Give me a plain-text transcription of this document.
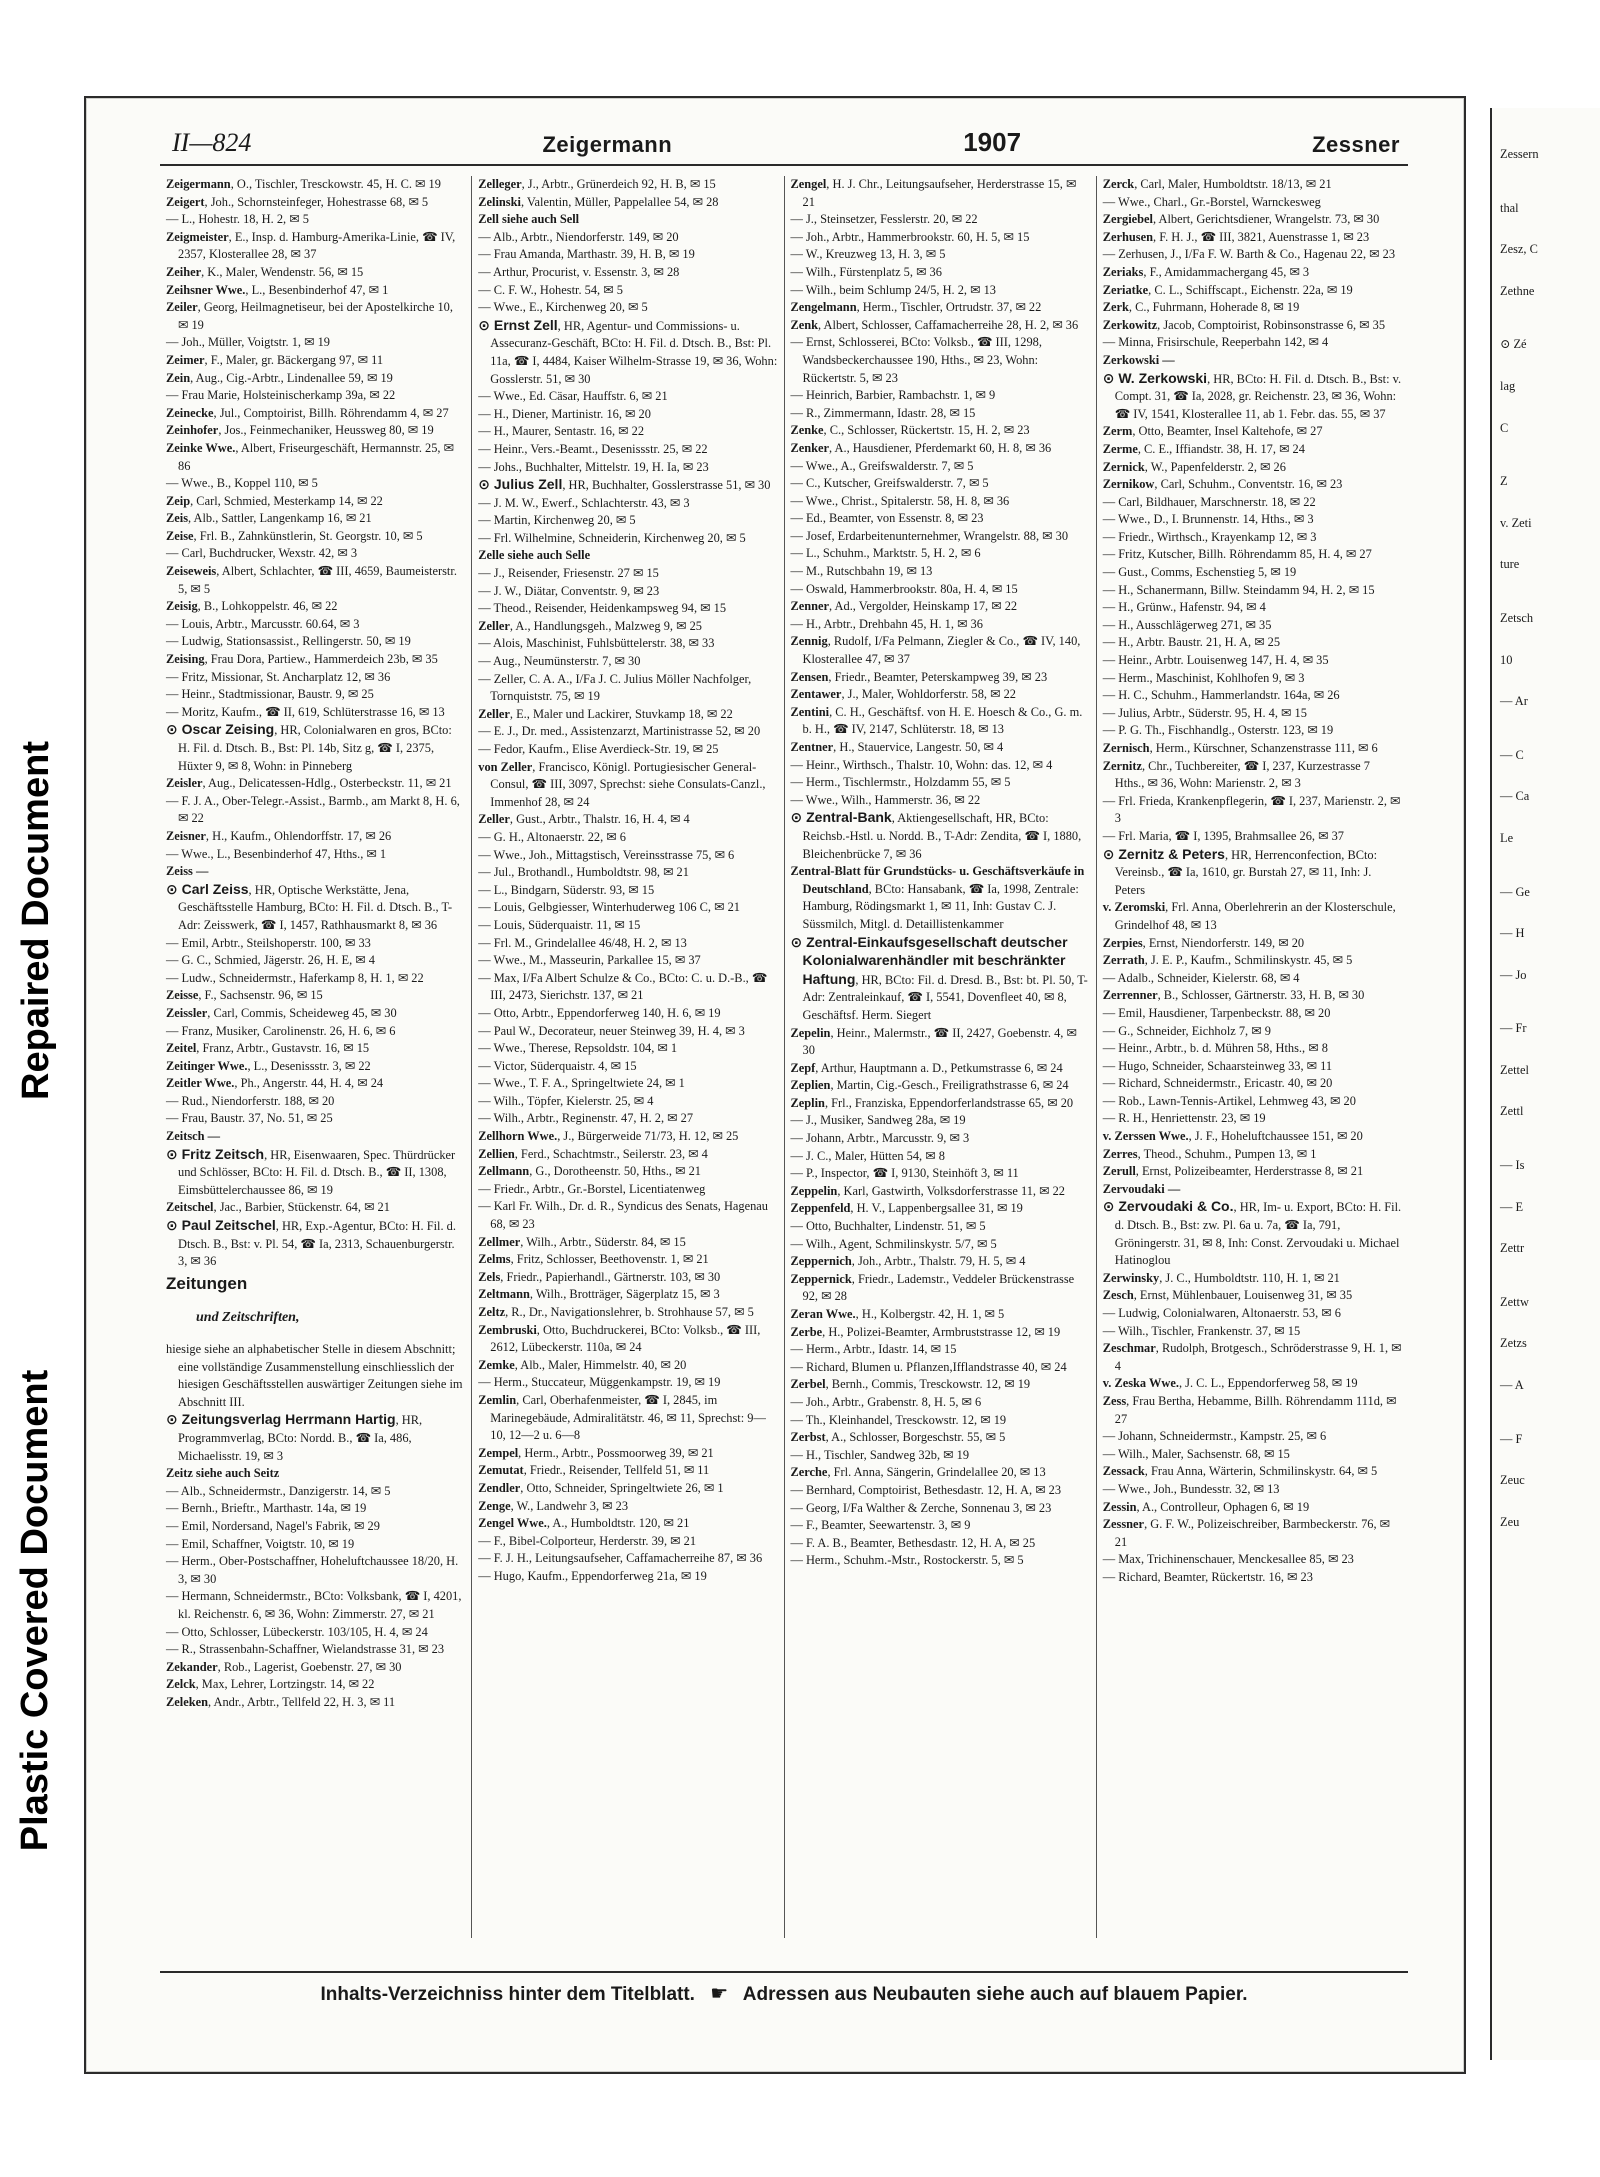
Repaired Document
Plastic Covered Document
II—824	Zeigermann	1907	Zessner

Zeigermann, O., Tischler, Tresckowstr. 45, H. C. ✉ 19

Zeigert, Joh., Schornsteinfeger, Hohestrasse 68, ✉ 5

— L., Hohestr. 18, H. 2, ✉ 5

Zeigmeister, E., Insp. d. Hamburg-Amerika-Linie, ☎ IV, 2357, Klosterallee 28, ✉ 37

Zeiher, K., Maler, Wendenstr. 56, ✉ 15

Zeihsner Wwe., L., Besenbinderhof 47, ✉ 1

Zeiler, Georg, Heilmagnetiseur, bei der Apostelkirche 10, ✉ 19

— Joh., Müller, Voigtstr. 1, ✉ 19

Zeimer, F., Maler, gr. Bäckergang 97, ✉ 11

Zein, Aug., Cig.-Arbtr., Lindenallee 59, ✉ 19

— Frau Marie, Holsteinischerkamp 39a, ✉ 22

Zeinecke, Jul., Comptoirist, Billh. Röhrendamm 4, ✉ 27

Zeinhofer, Jos., Feinmechaniker, Heussweg 80, ✉ 19

Zeinke Wwe., Albert, Friseurgeschäft, Hermannstr. 25, ✉ 86

— Wwe., B., Koppel 110, ✉ 5

Zeip, Carl, Schmied, Mesterkamp 14, ✉ 22

Zeis, Alb., Sattler, Langenkamp 16, ✉ 21

Zeise, Frl. B., Zahnkünstlerin, St. Georgstr. 10, ✉ 5

— Carl, Buchdrucker, Wexstr. 42, ✉ 3

Zeiseweis, Albert, Schlachter, ☎ III, 4659, Baumeisterstr. 5, ✉ 5

Zeisig, B., Lohkoppelstr. 46, ✉ 22

— Louis, Arbtr., Marcusstr. 60.64, ✉ 3

— Ludwig, Stationsassist., Rellingerstr. 50, ✉ 19

Zeising, Frau Dora, Partiew., Hammerdeich 23b, ✉ 35

— Fritz, Missionar, St. Ancharplatz 12, ✉ 36

— Heinr., Stadtmissionar, Baustr. 9, ✉ 25

— Moritz, Kaufm., ☎ II, 619, Schlüterstrasse 16, ✉ 13

⊙ Oscar Zeising, HR, Colonialwaren en gros, BCto: H. Fil. d. Dtsch. B., Bst: Pl. 14b, Sitz g, ☎ I, 2375, Hüxter 9, ✉ 8, Wohn: in Pinneberg

Zeisler, Aug., Delicatessen-Hdlg., Osterbeckstr. 11, ✉ 21

— F. J. A., Ober-Telegr.-Assist., Barmb., am Markt 8, H. 6, ✉ 22

Zeisner, H., Kaufm., Ohlendorffstr. 17, ✉ 26

— Wwe., L., Besenbinderhof 47, Hths., ✉ 1

Zeiss —

⊙ Carl Zeiss, HR, Optische Werkstätte, Jena, Geschäftsstelle Hamburg, BCto: H. Fil. d. Dtsch. B., T-Adr: Zeisswerk, ☎ I, 1457, Rathhausmarkt 8, ✉ 36

— Emil, Arbtr., Steilshoperstr. 100, ✉ 33

— G. C., Schmied, Jägerstr. 26, H. E, ✉ 4

— Ludw., Schneidermstr., Haferkamp 8, H. 1, ✉ 22

Zeisse, F., Sachsenstr. 96, ✉ 15

Zeissler, Carl, Commis, Scheideweg 45, ✉ 30

— Franz, Musiker, Carolinenstr. 26, H. 6, ✉ 6

Zeitel, Franz, Arbtr., Gustavstr. 16, ✉ 15

Zeitinger Wwe., L., Desenissstr. 3, ✉ 22

Zeitler Wwe., Ph., Angerstr. 44, H. 4, ✉ 24

— Rud., Niendorferstr. 188, ✉ 20

— Frau, Baustr. 37, No. 51, ✉ 25

Zeitsch —

⊙ Fritz Zeitsch, HR, Eisenwaaren, Spec. Thürdrücker und Schlösser, BCto: H. Fil. d. Dtsch. B., ☎ II, 1308, Eimsbüttelerchaussee 86, ✉ 19

Zeitschel, Jac., Barbier, Stückenstr. 64, ✉ 21

⊙ Paul Zeitschel, HR, Exp.-Agentur, BCto: H. Fil. d. Dtsch. B., Bst: v. Pl. 54, ☎ Ia, 2313, Schauenburgerstr. 3, ✉ 36

Zeitungen

und Zeitschriften,

hiesige siehe an alphabetischer Stelle in diesem Abschnitt; eine vollständige Zusammenstellung einschliesslich der hiesigen Geschäftsstellen auswärtiger Zeitungen siehe im Abschnitt III.

⊙ Zeitungsverlag Herrmann Hartig, HR, Programmverlag, BCto: Nordd. B., ☎ Ia, 486, Michaelisstr. 19, ✉ 3

Zeitz siehe auch Seitz

— Alb., Schneidermstr., Danzigerstr. 14, ✉ 5

— Bernh., Brieftr., Marthastr. 14a, ✉ 19

— Emil, Nordersand, Nagel's Fabrik, ✉ 29

— Emil, Schaffner, Voigtstr. 10, ✉ 19

— Herm., Ober-Postschaffner, Hoheluftchaussee 18/20, H. 3, ✉ 30

— Hermann, Schneidermstr., BCto: Volksbank, ☎ I, 4201, kl. Reichenstr. 6, ✉ 36, Wohn: Zimmerstr. 27, ✉ 21

— Otto, Schlosser, Lübeckerstr. 103/105, H. 4, ✉ 24

— R., Strassenbahn-Schaffner, Wielandstrasse 31, ✉ 23

Zekander, Rob., Lagerist, Goebenstr. 27, ✉ 30

Zelck, Max, Lehrer, Lortzingstr. 14, ✉ 22

Zeleken, Andr., Arbtr., Tellfeld 22, H. 3, ✉ 11

Zelleger, J., Arbtr., Grünerdeich 92, H. B, ✉ 15

Zelinski, Valentin, Müller, Pappelallee 54, ✉ 28

Zell siehe auch Sell

— Alb., Arbtr., Niendorferstr. 149, ✉ 20

— Frau Amanda, Marthastr. 39, H. B, ✉ 19

— Arthur, Procurist, v. Essenstr. 3, ✉ 28

— C. F. W., Hohestr. 54, ✉ 5

— Wwe., E., Kirchenweg 20, ✉ 5

⊙ Ernst Zell, HR, Agentur- und Commissions- u. Assecuranz-Geschäft, BCto: H. Fil. d. Dtsch. B., Bst: Pl. 11a, ☎ I, 4484, Kaiser Wilhelm-Strasse 19, ✉ 36, Wohn: Gosslerstr. 51, ✉ 30

— Wwe., Ed. Cäsar, Hauffstr. 6, ✉ 21

— H., Diener, Martinistr. 16, ✉ 20

— H., Maurer, Sentastr. 16, ✉ 22

— Heinr., Vers.-Beamt., Desenissstr. 25, ✉ 22

— Johs., Buchhalter, Mittelstr. 19, H. Ia, ✉ 23

⊙ Julius Zell, HR, Buchhalter, Gosslerstrasse 51, ✉ 30

— J. M. W., Ewerf., Schlachterstr. 43, ✉ 3

— Martin, Kirchenweg 20, ✉ 5

— Frl. Wilhelmine, Schneiderin, Kirchenweg 20, ✉ 5

Zelle siehe auch Selle

— J., Reisender, Friesenstr. 27 ✉ 15

— J. W., Diätar, Conventstr. 9, ✉ 23

— Theod., Reisender, Heidenkampsweg 94, ✉ 15

Zeller, A., Handlungsgeh., Malzweg 9, ✉ 25

— Alois, Maschinist, Fuhlsbüttelerstr. 38, ✉ 33

— Aug., Neumünsterstr. 7, ✉ 30

— Zeller, C. A. A., I/Fa J. C. Julius Möller Nachfolger, Tornquiststr. 75, ✉ 19

Zeller, E., Maler und Lackirer, Stuvkamp 18, ✉ 22

— E. J., Dr. med., Assistenzarzt, Martinistrasse 52, ✉ 20

— Fedor, Kaufm., Elise Averdieck-Str. 19, ✉ 25

von Zeller, Francisco, Königl. Portugiesischer General-Consul, ☎ III, 3097, Sprechst: siehe Consulats-Canzl., Immenhof 28, ✉ 24

Zeller, Gust., Arbtr., Thalstr. 16, H. 4, ✉ 4

— G. H., Altonaerstr. 22, ✉ 6

— Wwe., Joh., Mittagstisch, Vereinsstrasse 75, ✉ 6

— Jul., Brothandl., Humboldtstr. 98, ✉ 21

— L., Bindgarn, Süderstr. 93, ✉ 15

— Louis, Gelbgiesser, Winterhuderweg 106 C, ✉ 21

— Louis, Süderquaistr. 11, ✉ 15

— Frl. M., Grindelallee 46/48, H. 2, ✉ 13

— Wwe., M., Masseurin, Parkallee 15, ✉ 37

— Max, I/Fa Albert Schulze & Co., BCto: C. u. D.-B., ☎ III, 2473, Sierichstr. 137, ✉ 21

— Otto, Arbtr., Eppendorferweg 140, H. 6, ✉ 19

— Paul W., Decorateur, neuer Steinweg 39, H. 4, ✉ 3

— Wwe., Therese, Repsoldstr. 104, ✉ 1

— Victor, Süderquaistr. 4, ✉ 15

— Wwe., T. F. A., Springeltwiete 24, ✉ 1

— Wilh., Töpfer, Kielerstr. 25, ✉ 4

— Wilh., Arbtr., Reginenstr. 47, H. 2, ✉ 27

Zellhorn Wwe., J., Bürgerweide 71/73, H. 12, ✉ 25

Zellien, Ferd., Schachtmstr., Seilerstr. 23, ✉ 4

Zellmann, G., Dorotheenstr. 50, Hths., ✉ 21

— Friedr., Arbtr., Gr.-Borstel, Licentiatenweg

— Karl Fr. Wilh., Dr. d. R., Syndicus des Senats, Hagenau 68, ✉ 23

Zellmer, Wilh., Arbtr., Süderstr. 84, ✉ 15

Zelms, Fritz, Schlosser, Beethovenstr. 1, ✉ 21

Zels, Friedr., Papierhandl., Gärtnerstr. 103, ✉ 30

Zeltmann, Wilh., Brotträger, Sägerplatz 15, ✉ 3

Zeltz, R., Dr., Navigationslehrer, b. Strohhause 57, ✉ 5

Zembruski, Otto, Buchdruckerei, BCto: Volksb., ☎ III, 2612, Lübeckerstr. 110a, ✉ 24

Zemke, Alb., Maler, Himmelstr. 40, ✉ 20

— Herm., Stuccateur, Müggenkampstr. 19, ✉ 19

Zemlin, Carl, Oberhafenmeister, ☎ I, 2845, im Marinegebäude, Admiralitätstr. 46, ✉ 11, Sprechst: 9—10, 12—2 u. 6—8

Zempel, Herm., Arbtr., Possmoorweg 39, ✉ 21

Zemutat, Friedr., Reisender, Tellfeld 51, ✉ 11

Zendler, Otto, Schneider, Springeltwiete 26, ✉ 1

Zenge, W., Landwehr 3, ✉ 23

Zengel Wwe., A., Humboldtstr. 120, ✉ 21

— F., Bibel-Colporteur, Herderstr. 39, ✉ 21

— F. J. H., Leitungsaufseher, Caffamacherreihe 87, ✉ 36

— Hugo, Kaufm., Eppendorferweg 21a, ✉ 19

Zengel, H. J. Chr., Leitungsaufseher, Herderstrasse 15, ✉ 21

— J., Steinsetzer, Fesslerstr. 20, ✉ 22

— Joh., Arbtr., Hammerbrookstr. 60, H. 5, ✉ 15

— W., Kreuzweg 13, H. 3, ✉ 5

— Wilh., Fürstenplatz 5, ✉ 36

— Wilh., beim Schlump 24/5, H. 2, ✉ 13

Zengelmann, Herm., Tischler, Ortrudstr. 37, ✉ 22

Zenk, Albert, Schlosser, Caffamacherreihe 28, H. 2, ✉ 36

— Ernst, Schlosserei, BCto: Volksb., ☎ III, 1298, Wandsbeckerchaussee 190, Hths., ✉ 23, Wohn: Rückertstr. 5, ✉ 23

— Heinrich, Barbier, Rambachstr. 1, ✉ 9

— R., Zimmermann, Idastr. 28, ✉ 15

Zenke, C., Schlosser, Rückertstr. 15, H. 2, ✉ 23

Zenker, A., Hausdiener, Pferdemarkt 60, H. 8, ✉ 36

— Wwe., A., Greifswalderstr. 7, ✉ 5

— C., Kutscher, Greifswalderstr. 7, ✉ 5

— Wwe., Christ., Spitalerstr. 58, H. 8, ✉ 36

— Ed., Beamter, von Essenstr. 8, ✉ 23

— Josef, Erdarbeitenunternehmer, Wrangelstr. 88, ✉ 30

— L., Schuhm., Marktstr. 5, H. 2, ✉ 6

— M., Rutschbahn 19, ✉ 13

— Oswald, Hammerbrookstr. 80a, H. 4, ✉ 15

Zenner, Ad., Vergolder, Heinskamp 17, ✉ 22

— H., Arbtr., Drehbahn 45, H. 1, ✉ 36

Zennig, Rudolf, I/Fa Pelmann, Ziegler & Co., ☎ IV, 140, Klosterallee 47, ✉ 37

Zensen, Friedr., Beamter, Peterskampweg 39, ✉ 23

Zentawer, J., Maler, Wohldorferstr. 58, ✉ 22

Zentini, C. H., Geschäftsf. von H. E. Hoesch & Co., G. m. b. H., ☎ IV, 2147, Schlüterstr. 18, ✉ 13

Zentner, H., Stauervice, Langestr. 50, ✉ 4

— Heinr., Wirthsch., Thalstr. 10, Wohn: das. 12, ✉ 4

— Herm., Tischlermstr., Holzdamm 55, ✉ 5

— Wwe., Wilh., Hammerstr. 36, ✉ 22

⊙ Zentral-Bank, Aktiengesellschaft, HR, BCto: Reichsb.-Hstl. u. Nordd. B., T-Adr: Zendita, ☎ I, 1880, Bleichenbrücke 7, ✉ 36

Zentral-Blatt für Grundstücks- u. Geschäftsverkäufe in Deutschland, BCto: Hansabank, ☎ Ia, 1998, Zentrale: Hamburg, Rödingsmarkt 1, ✉ 11, Inh: Gustav C. J. Süssmilch, Mitgl. d. Detaillistenkammer

⊙ Zentral-Einkaufsgesellschaft deutscher Kolonialwarenhändler mit beschränkter Haftung, HR, BCto: Fil. d. Dresd. B., Bst: bt. Pl. 50, T-Adr: Zentraleinkauf, ☎ I, 5541, Dovenfleet 40, ✉ 8, Geschäftsf. Herm. Siegert

Zepelin, Heinr., Malermstr., ☎ II, 2427, Goebenstr. 4, ✉ 30

Zepf, Arthur, Hauptmann a. D., Petkumstrasse 6, ✉ 24

Zeplien, Martin, Cig.-Gesch., Freiligrathstrasse 6, ✉ 24

Zeplin, Frl., Franziska, Eppendorferlandstrasse 65, ✉ 20

— J., Musiker, Sandweg 28a, ✉ 19

— Johann, Arbtr., Marcusstr. 9, ✉ 3

— J. C., Maler, Hütten 54, ✉ 8

— P., Inspector, ☎ I, 9130, Steinhöft 3, ✉ 11

Zeppelin, Karl, Gastwirth, Volksdorferstrasse 11, ✉ 22

Zeppenfeld, H. V., Lappenbergsallee 31, ✉ 19

— Otto, Buchhalter, Lindenstr. 51, ✉ 5

— Wilh., Agent, Schmilinskystr. 5/7, ✉ 5

Zeppernich, Joh., Arbtr., Thalstr. 79, H. 5, ✉ 4

Zeppernick, Friedr., Lademstr., Veddeler Brückenstrasse 92, ✉ 28

Zeran Wwe., H., Kolbergstr. 42, H. 1, ✉ 5

Zerbe, H., Polizei-Beamter, Armbruststrasse 12, ✉ 19

— Herm., Arbtr., Idastr. 14, ✉ 15

— Richard, Blumen u. Pflanzen,Ifflandstrasse 40, ✉ 24

Zerbel, Bernh., Commis, Tresckowstr. 12, ✉ 19

— Joh., Arbtr., Grabenstr. 8, H. 5, ✉ 6

— Th., Kleinhandel, Tresckowstr. 12, ✉ 19

Zerbst, A., Schlosser, Borgeschstr. 55, ✉ 5

— H., Tischler, Sandweg 32b, ✉ 19

Zerche, Frl. Anna, Sängerin, Grindelallee 20, ✉ 13

— Bernhard, Comptoirist, Bethesdastr. 12, H. A, ✉ 23

— Georg, I/Fa Walther & Zerche, Sonnenau 3, ✉ 23

— F., Beamter, Seewartenstr. 3, ✉ 9

— F. A. B., Beamter, Bethesdastr. 12, H. A, ✉ 25

— Herm., Schuhm.-Mstr., Rostockerstr. 5, ✉ 5

Zerck, Carl, Maler, Humboldtstr. 18/13, ✉ 21

— Wwe., Charl., Gr.-Borstel, Warnckesweg

Zergiebel, Albert, Gerichtsdiener, Wrangelstr. 73, ✉ 30

Zerhusen, F. H. J., ☎ III, 3821, Auenstrasse 1, ✉ 23

— Zerhusen, J., I/Fa F. W. Barth & Co., Hagenau 22, ✉ 23

Zeriaks, F., Amidammachergang 45, ✉ 3

Zeriatke, C. L., Schiffscapt., Eichenstr. 22a, ✉ 19

Zerk, C., Fuhrmann, Hoherade 8, ✉ 19

Zerkowitz, Jacob, Comptoirist, Robinsonstrasse 6, ✉ 35

— Minna, Frisirschule, Reeperbahn 142, ✉ 4

Zerkowski —

⊙ W. Zerkowski, HR, BCto: H. Fil. d. Dtsch. B., Bst: v. Compt. 31, ☎ Ia, 2028, gr. Reichenstr. 23, ✉ 36, Wohn: ☎ IV, 1541, Klosterallee 11, ab 1. Febr. das. 55, ✉ 37

Zerm, Otto, Beamter, Insel Kaltehofe, ✉ 27

Zerme, C. E., Iffiandstr. 38, H. 17, ✉ 24

Zernick, W., Papenfelderstr. 2, ✉ 26

Zernikow, Carl, Schuhm., Conventstr. 16, ✉ 23

— Carl, Bildhauer, Marschnerstr. 18, ✉ 22

— Wwe., D., I. Brunnenstr. 14, Hths., ✉ 3

— Friedr., Wirthsch., Krayenkamp 12, ✉ 3

— Fritz, Kutscher, Billh. Röhrendamm 85, H. 4, ✉ 27

— Gust., Comms, Eschenstieg 5, ✉ 19

— H., Schanermann, Billw. Steindamm 94, H. 2, ✉ 15

— H., Grünw., Hafenstr. 94, ✉ 4

— H., Ausschlägerweg 271, ✉ 35

— H., Arbtr. Baustr. 21, H. A, ✉ 25

— Heinr., Arbtr. Louisenweg 147, H. 4, ✉ 35

— Herm., Maschinist, Kohlhofen 9, ✉ 3

— H. C., Schuhm., Hammerlandstr. 164a, ✉ 26

— Julius, Arbtr., Süderstr. 95, H. 4, ✉ 15

— P. G. Th., Fischhandlg., Osterstr. 123, ✉ 19

Zernisch, Herm., Kürschner, Schanzenstrasse 111, ✉ 6

Zernitz, Chr., Tuchbereiter, ☎ I, 237, Kurzestrasse 7 Hths., ✉ 36, Wohn: Marienstr. 2, ✉ 3

— Frl. Frieda, Krankenpflegerin, ☎ I, 237, Marienstr. 2, ✉ 3

— Frl. Maria, ☎ I, 1395, Brahmsallee 26, ✉ 37

⊙ Zernitz & Peters, HR, Herrenconfection, BCto: Vereinsb., ☎ Ia, 1610, gr. Burstah 27, ✉ 11, Inh: J. Peters

v. Zeromski, Frl. Anna, Oberlehrerin an der Klosterschule, Grindelhof 48, ✉ 13

Zerpies, Ernst, Niendorferstr. 149, ✉ 20

Zerrath, J. E. P., Kaufm., Schmilinskystr. 45, ✉ 5

— Adalb., Schneider, Kielerstr. 68, ✉ 4

Zerrenner, B., Schlosser, Gärtnerstr. 33, H. B, ✉ 30

— Emil, Hausdiener, Tarpenbeckstr. 88, ✉ 20

— G., Schneider, Eichholz 7, ✉ 9

— Heinr., Arbtr., b. d. Mühren 58, Hths., ✉ 8

— Hugo, Schneider, Schaarsteinweg 33, ✉ 11

— Richard, Schneidermstr., Ericastr. 40, ✉ 20

— Rob., Lawn-Tennis-Artikel, Lehmweg 43, ✉ 20

— R. H., Henriettenstr. 23, ✉ 19

v. Zerssen Wwe., J. F., Hoheluftchaussee 151, ✉ 20

Zerres, Theod., Schuhm., Pumpen 13, ✉ 1

Zerull, Ernst, Polizeibeamter, Herderstrasse 8, ✉ 21

Zervoudaki —

⊙ Zervoudaki & Co., HR, Im- u. Export, BCto: H. Fil. d. Dtsch. B., Bst: zw. Pl. 6a u. 7a, ☎ Ia, 791, Gröningerstr. 31, ✉ 8, Inh: Const. Zervoudaki u. Michael Hatinoglou

Zerwinsky, J. C., Humboldtstr. 110, H. 1, ✉ 21

Zesch, Ernst, Mühlenbauer, Louisenweg 31, ✉ 35

— Ludwig, Colonialwaren, Altonaerstr. 53, ✉ 6

— Wilh., Tischler, Frankenstr. 37, ✉ 15

Zeschmar, Rudolph, Brotgesch., Schröderstrasse 9, H. 1, ✉ 4

v. Zeska Wwe., J. C. L., Eppendorferweg 58, ✉ 19

Zess, Frau Bertha, Hebamme, Billh. Röhrendamm 111d, ✉ 27

— Johann, Schneidermstr., Kampstr. 25, ✉ 6

— Wilh., Maler, Sachsenstr. 68, ✉ 15

Zessack, Frau Anna, Wärterin, Schmilinskystr. 64, ✉ 5

— Wwe., Joh., Bundesstr. 32, ✉ 13

Zessin, A., Controlleur, Ophagen 6, ✉ 19

Zessner, G. F. W., Polizeischreiber, Barmbeckerstr. 76, ✉ 21

— Max, Trichinenschauer, Menckesallee 85, ✉ 23

— Richard, Beamter, Rückertstr. 16, ✉ 23

Inhalts-Verzeichniss hinter dem Titelblatt. ☛ Adressen aus Neubauten siehe auch auf blauem Papier.
Zessern
thal
Zesz, C
Zethne
⊙ Zé
lag
C
Z
v. Zeti
ture
Zetsch
10
— Ar
— C
— Ca
Le
— Ge
— H
— Jo
— Fr
Zettel
Zettl
— Is
— E
Zettr
Zettw
Zetzs
— A
— F
Zeuc
Zeu
